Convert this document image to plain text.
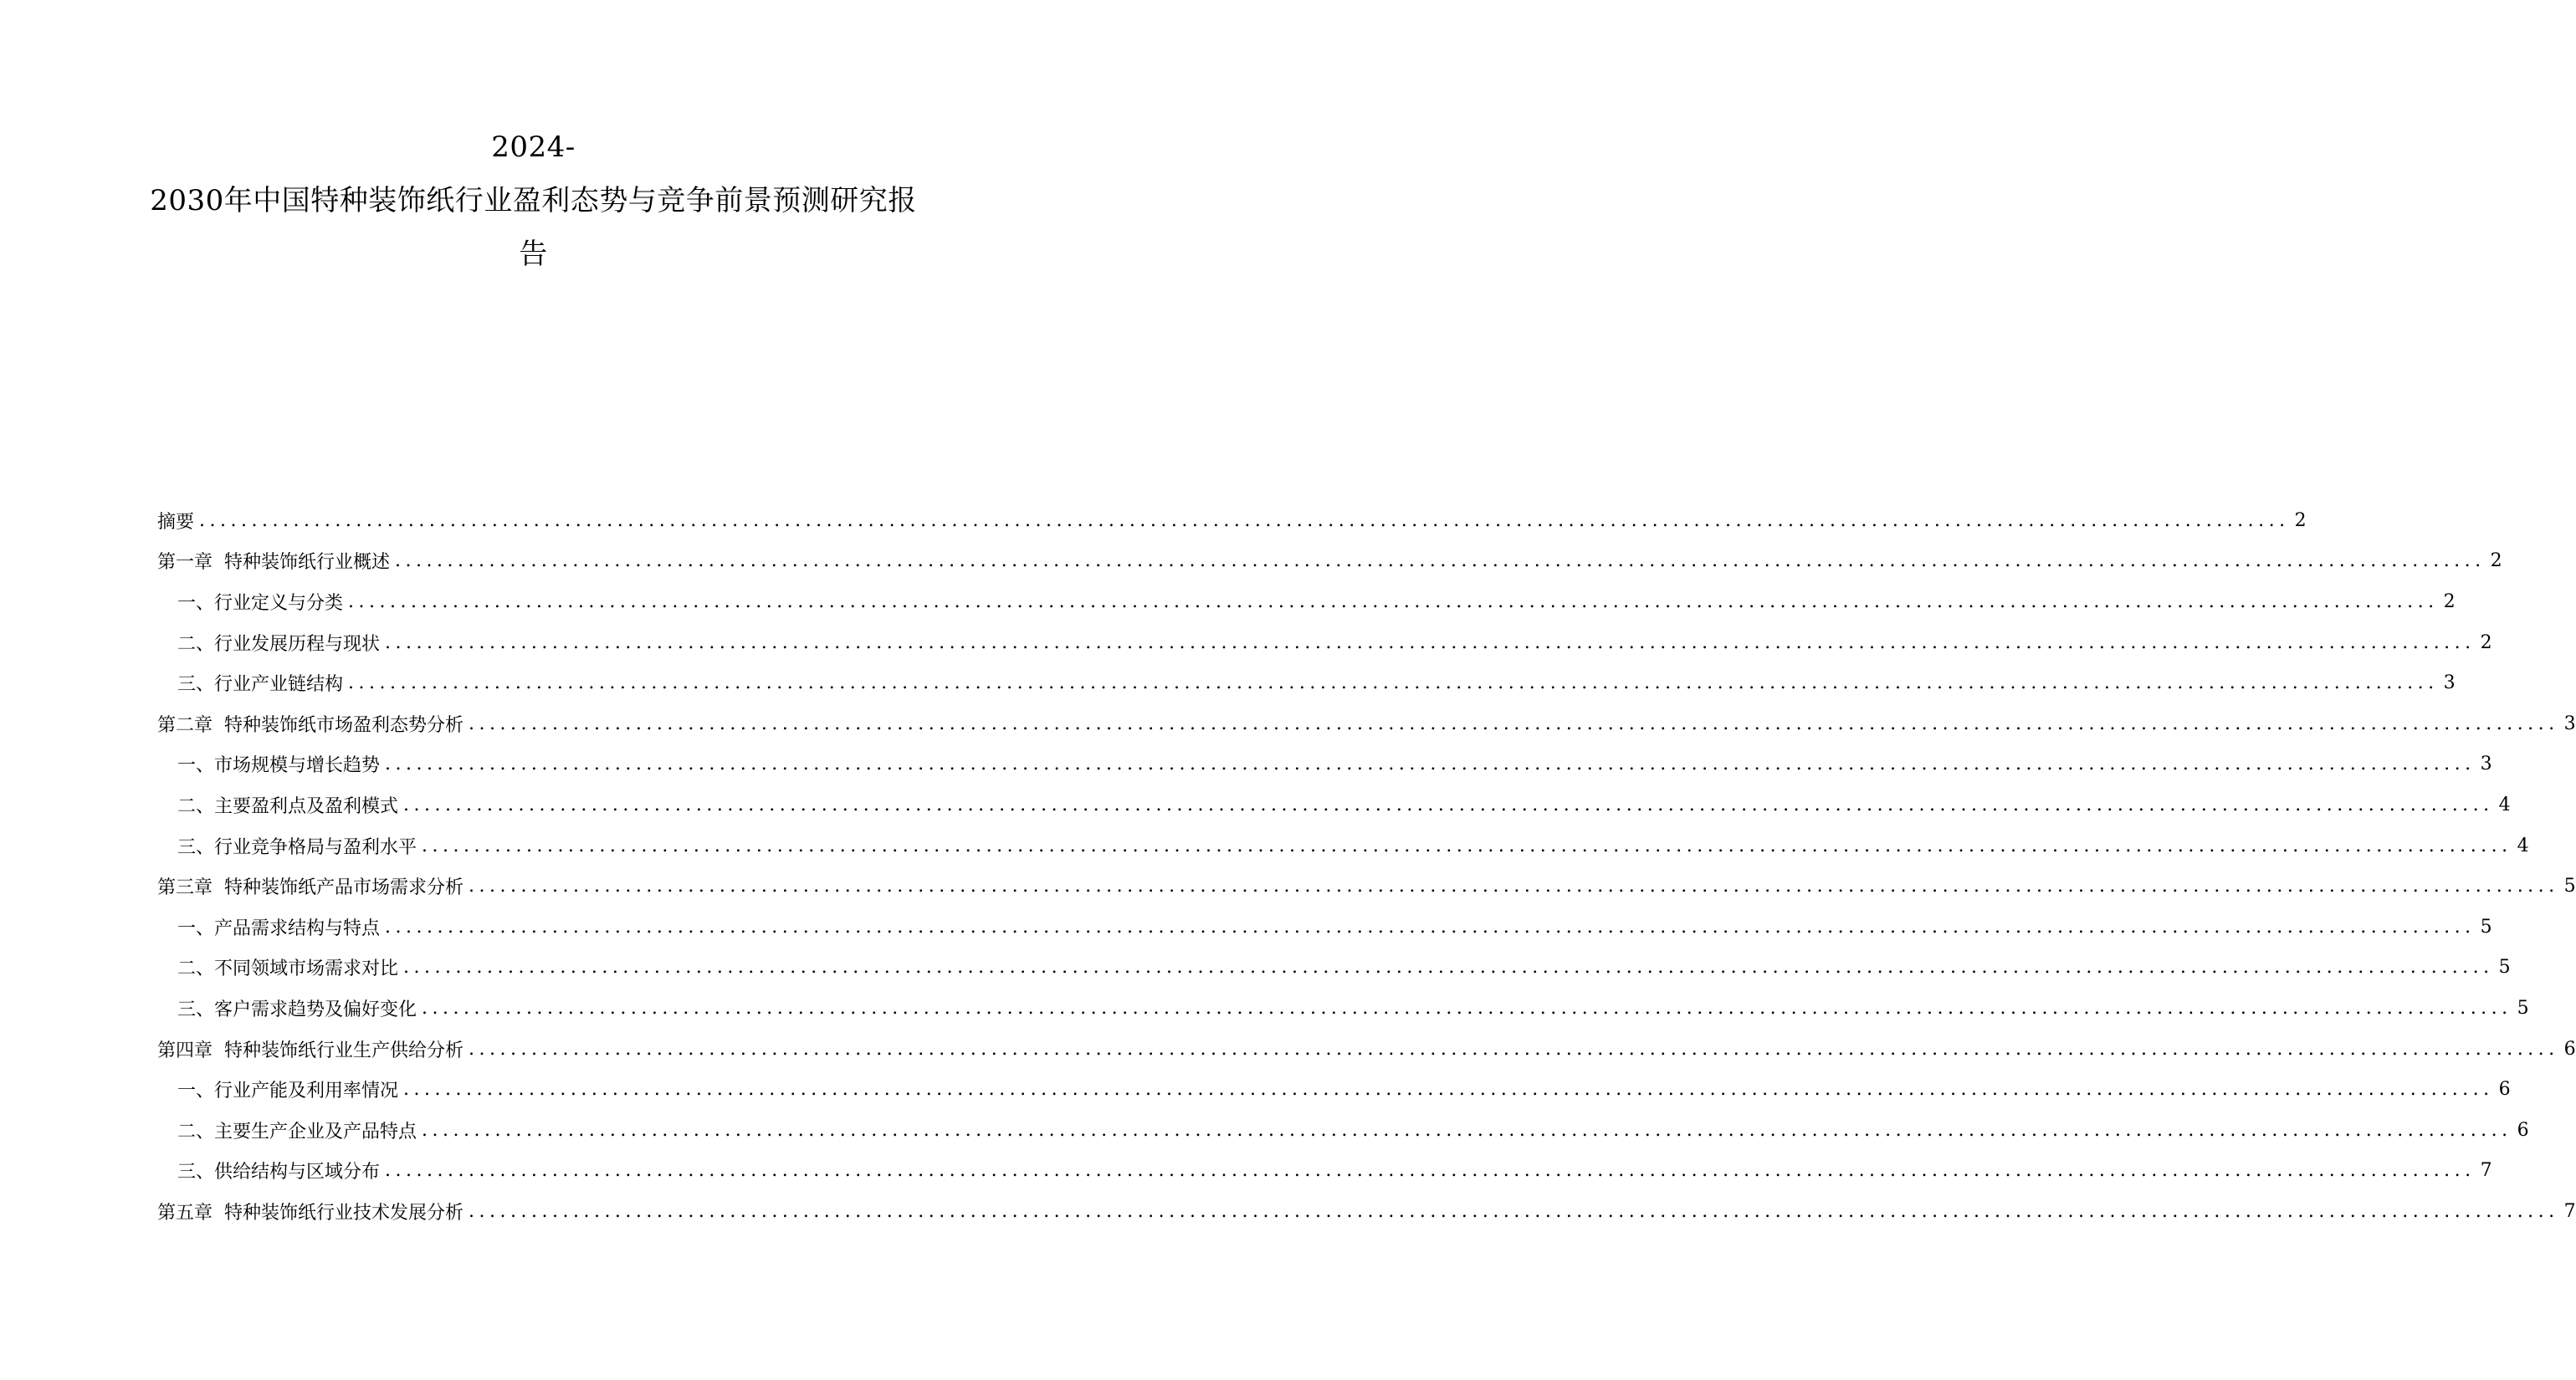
2024-
2030年中国特种装饰纸行业盈利态势与竞争前景预测研究报
告
摘要 ........................................................................................................................................................................................................ 2
第一章 特种装饰纸行业概述 ........................................................................................................................................................................................................ 2
一、 行业定义与分类 ........................................................................................................................................................................................................ 2
二、 行业发展历程与现状 ........................................................................................................................................................................................................ 2
三、 行业产业链结构 ........................................................................................................................................................................................................ 3
第二章 特种装饰纸市场盈利态势分析 ........................................................................................................................................................................................................ 3
一、 市场规模与增长趋势 ........................................................................................................................................................................................................ 3
二、 主要盈利点及盈利模式 ........................................................................................................................................................................................................ 4
三、 行业竞争格局与盈利水平 ........................................................................................................................................................................................................ 4
第三章 特种装饰纸产品市场需求分析 ........................................................................................................................................................................................................ 5
一、 产品需求结构与特点 ........................................................................................................................................................................................................ 5
二、 不同领域市场需求对比 ........................................................................................................................................................................................................ 5
三、 客户需求趋势及偏好变化 ........................................................................................................................................................................................................ 5
第四章 特种装饰纸行业生产供给分析 ........................................................................................................................................................................................................ 6
一、 行业产能及利用率情况 ........................................................................................................................................................................................................ 6
二、 主要生产企业及产品特点 ........................................................................................................................................................................................................ 6
三、 供给结构与区域分布 ........................................................................................................................................................................................................ 7
第五章 特种装饰纸行业技术发展分析 ........................................................................................................................................................................................................ 7
